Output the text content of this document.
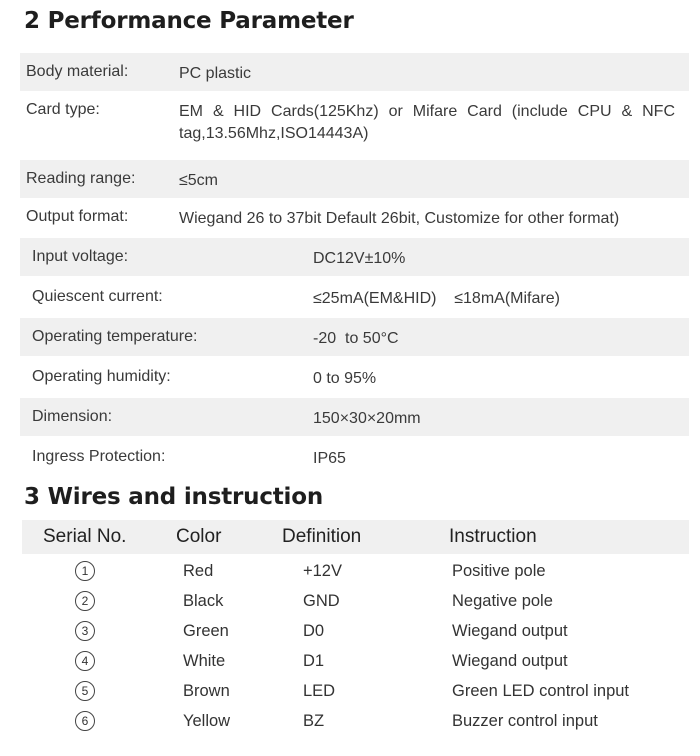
2 Performance Parameter
Body material:	PC plastic
Card type:	EM & HID Cards(125Khz) or Mifare Card (include CPU & NFC tag,13.56Mhz,ISO14443A)
Reading range:	≤5cm
Output format:	Wiegand 26 to 37bit Default 26bit, Customize for other format)
Input voltage:	DC12V±10%
Quiescent current:	≤25mA(EM&HID)    ≤18mA(Mifare)
Operating temperature:	-20  to 50°C
Operating humidity:	0 to 95%
Dimension:	150×30×20mm
Ingress Protection:	IP65
3 Wires and instruction
Serial No.	Color	Definition	Instruction
1	Red	+12V	Positive pole
2	Black	GND	Negative pole
3	Green	D0	Wiegand output
4	White	D1	Wiegand output
5	Brown	LED	Green LED control input
6	Yellow	BZ	Buzzer control input
